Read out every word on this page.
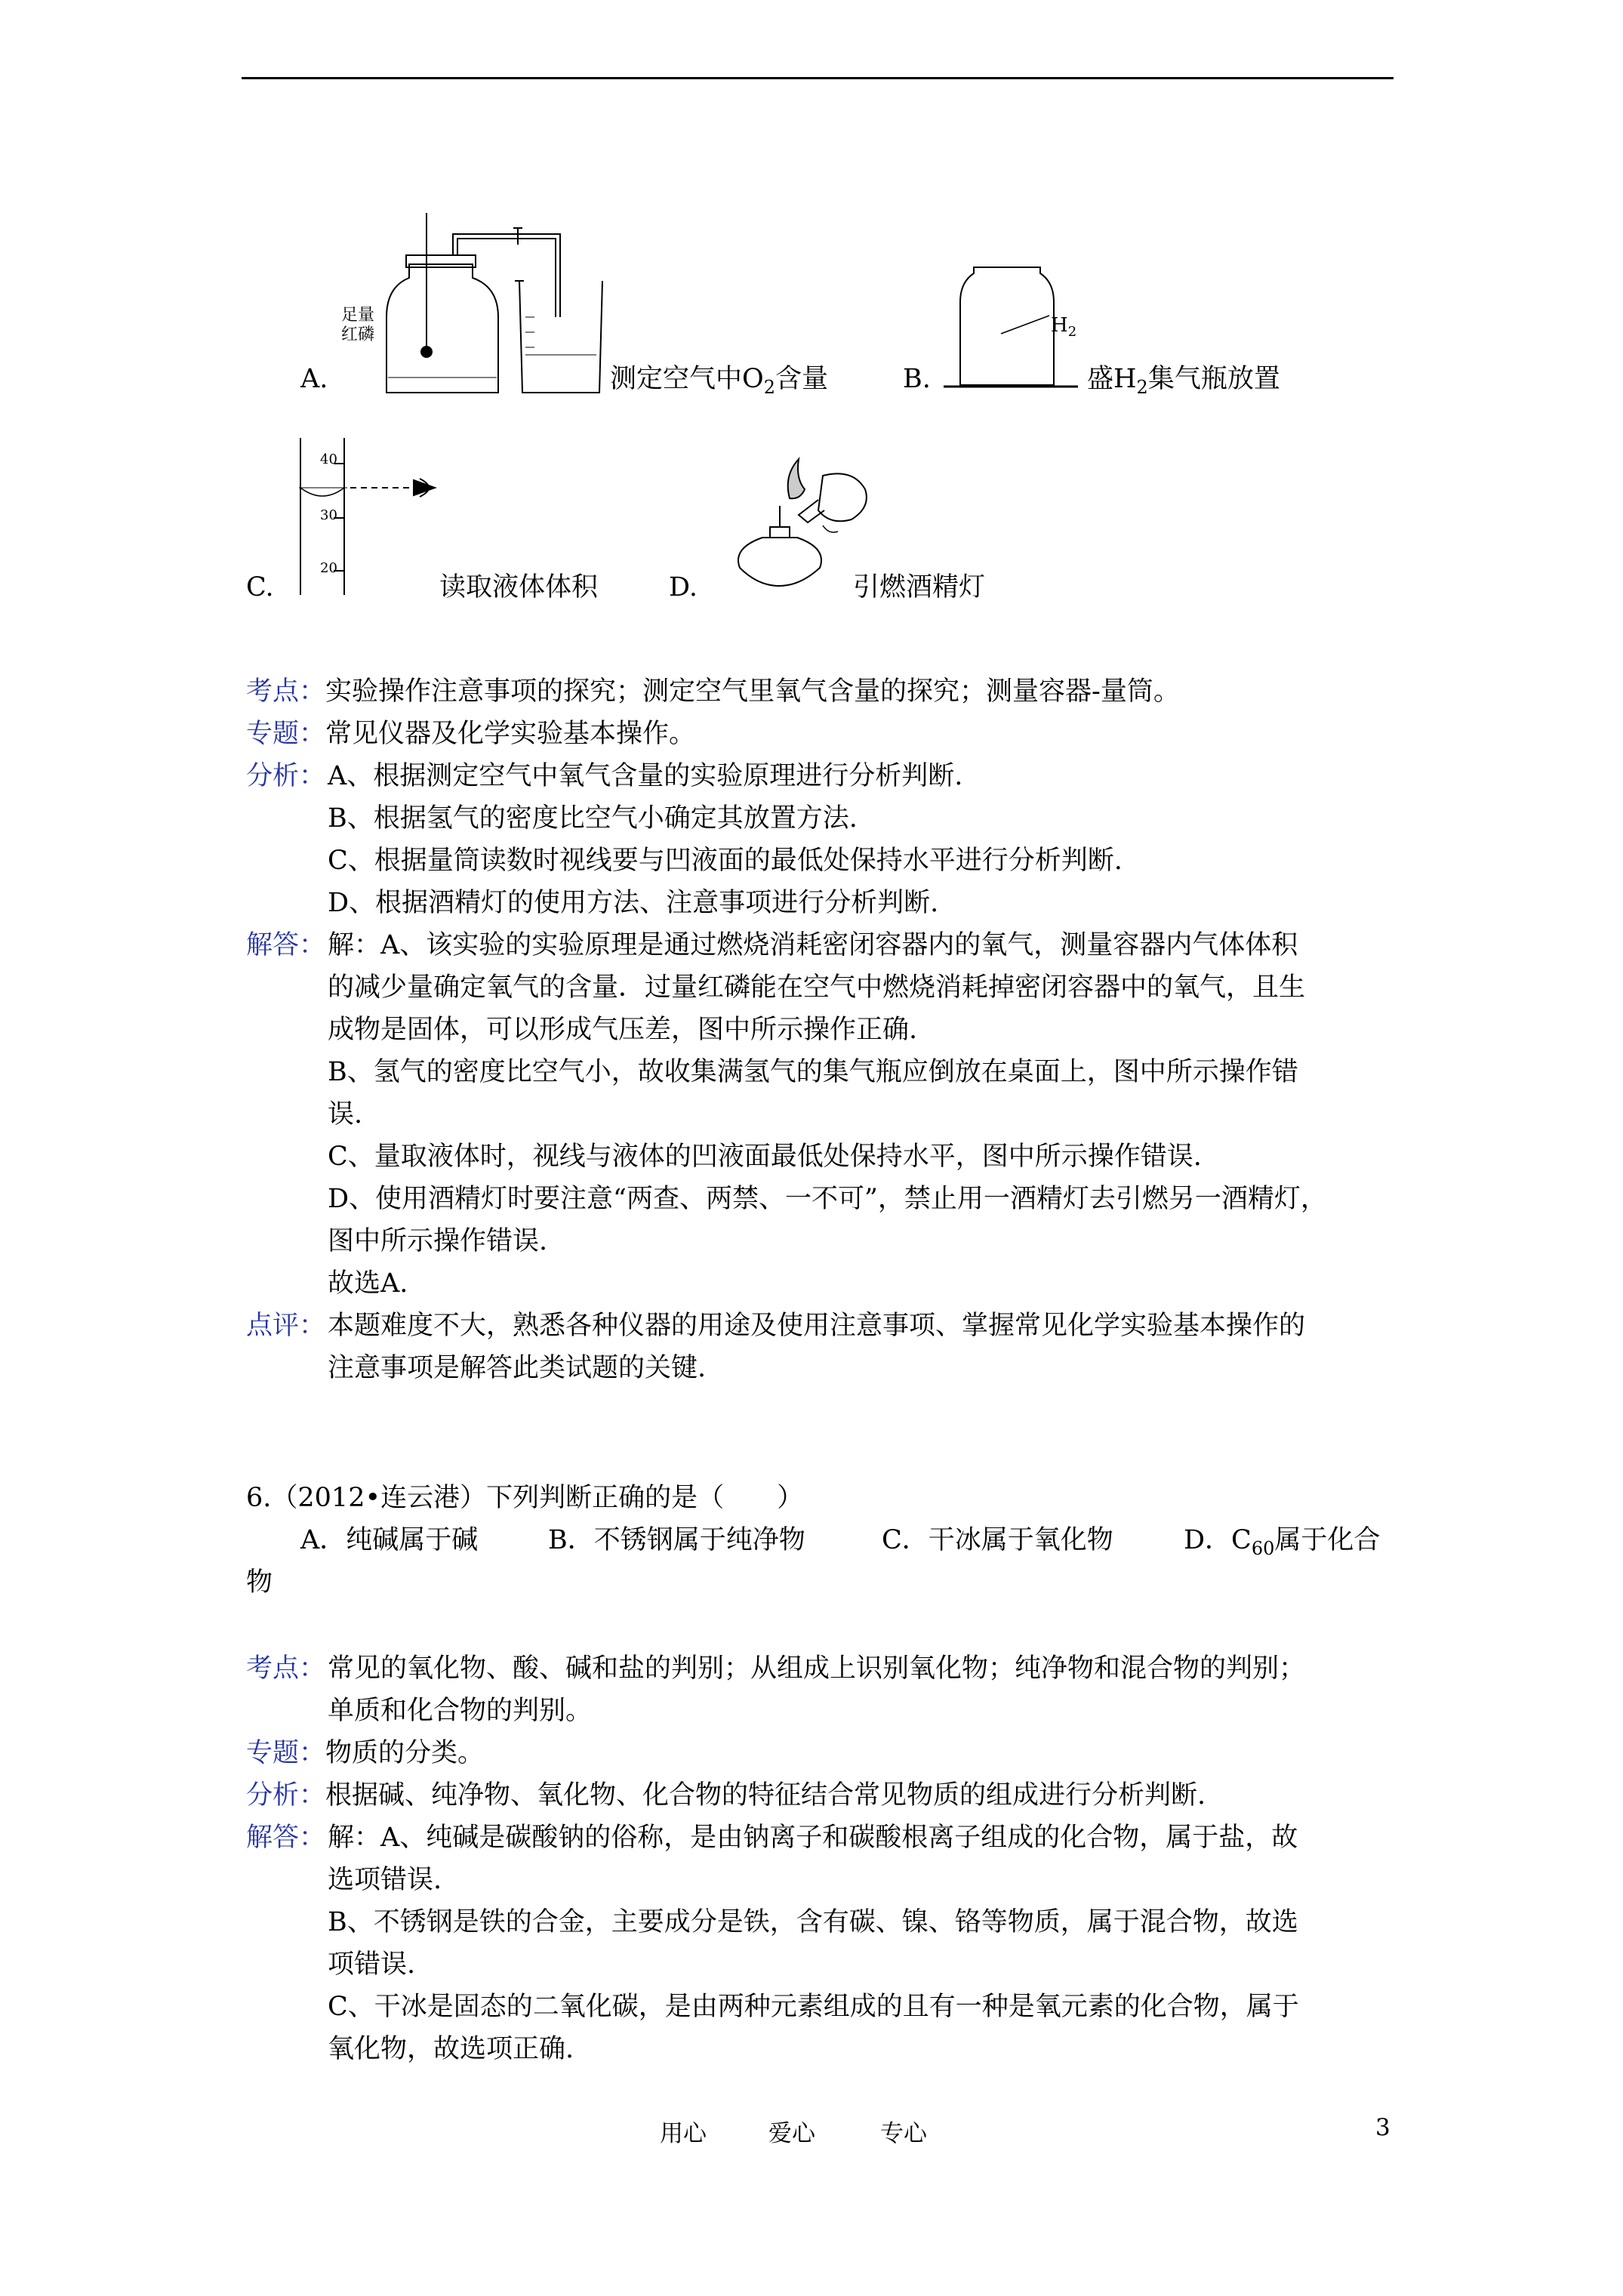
足量红磷
A.	测定空气中$O_2$含量	B.
$H_2$
盛$H_2$集气瓶放置
40
30
20
C.	读取液体体积	D.	引燃酒精灯
考点：实验操作注意事项的探究；测定空气里氧气含量的探究；测量容器-量筒。
专题：常见仪器及化学实验基本操作。
分析： A、根据测定空气中氧气含量的实验原理进行分析判断.
B、根据氢气的密度比空气小确定其放置方法.
C、根据量筒读数时视线要与凹液面的最低处保持水平进行分析判断.
D、根据酒精灯的使用方法、注意事项进行分析判断.
解答： 解：A、该实验的实验原理是通过燃烧消耗密闭容器内的氧气，测量容器内气体体积
的减少量确定氧气的含量．过量红磷能在空气中燃烧消耗掉密闭容器中的氧气，且生
成物是固体，可以形成气压差，图中所示操作正确.
B、氢气的密度比空气小，故收集满氢气的集气瓶应倒放在桌面上，图中所示操作错
误.
C、量取液体时，视线与液体的凹液面最低处保持水平，图中所示操作错误.
D、使用酒精灯时要注意“两查、两禁、一不可”，禁止用一酒精灯去引燃另一酒精灯，
图中所示操作错误.
故选A.
点评： 本题难度不大，熟悉各种仪器的用途及使用注意事项、掌握常见化学实验基本操作的
注意事项是解答此类试题的关键.
6.（2012•连云港）下列判断正确的是（　　）
A．纯碱属于碱	B．不锈钢属于纯净物	C．干冰属于氧化物	D．$C_{60}$属于化合
物
考点： 常见的氧化物、酸、碱和盐的判别；从组成上识别氧化物；纯净物和混合物的判别；
单质和化合物的判别。
专题：物质的分类。
分析：根据碱、纯净物、氧化物、化合物的特征结合常见物质的组成进行分析判断.
解答： 解：A、纯碱是碳酸钠的俗称，是由钠离子和碳酸根离子组成的化合物，属于盐，故
选项错误.
B、不锈钢是铁的合金，主要成分是铁，含有碳、镍、铬等物质，属于混合物，故选
项错误.
C、干冰是固态的二氧化碳，是由两种元素组成的且有一种是氧元素的化合物，属于
氧化物，故选项正确.
用心	爱心	专心	3
